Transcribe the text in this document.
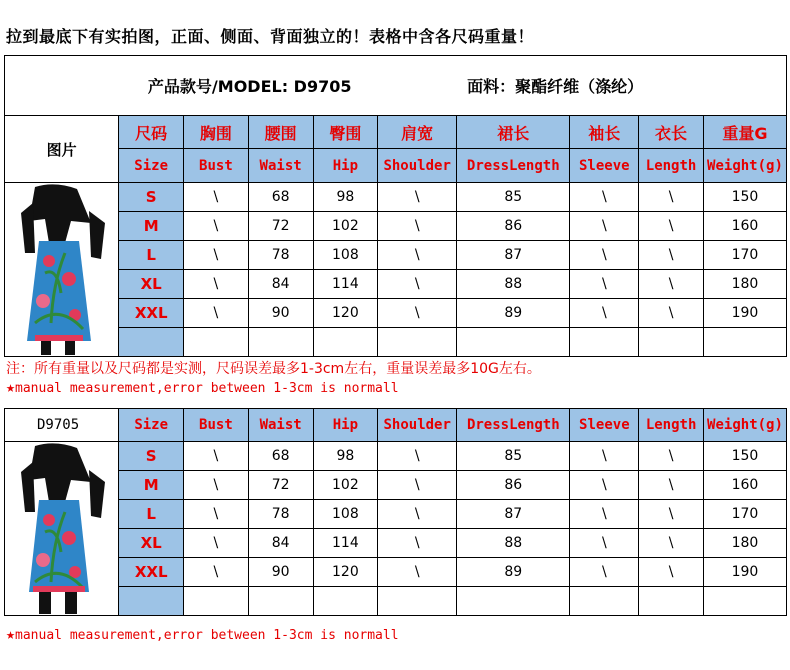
拉到最底下有实拍图，正面、侧面、背面独立的！表格中含各尺码重量！
产品款号/MODEL: D9705 面料：聚酯纤维（涤纶）									
图片	尺码	胸围	腰围	臀围	肩宽	裙长	袖长	衣长	重量G
	Size	Bust	Waist	Hip	Shoulder	DressLength	Sleeve	Length	Weight(g)

	S	\	68	98	\	85	\	\	150
	M	\	72	102	\	86	\	\	160
	L	\	78	108	\	87	\	\	170
	XL	\	84	114	\	88	\	\	180
	XXL	\	90	120	\	89	\	\	190

注：所有重量以及尺码都是实测，尺码误差最多1-3cm左右，重量误差最多10G左右。
★manual measurement,error between 1-3cm is normall
D9705	Size	Bust	Waist	Hip	Shoulder	DressLength	Sleeve	Length	Weight(g)

	S	\	68	98	\	85	\	\	150
	M	\	72	102	\	86	\	\	160
	L	\	78	108	\	87	\	\	170
	XL	\	84	114	\	88	\	\	180
	XXL	\	90	120	\	89	\	\	190

★manual measurement,error between 1-3cm is normall
